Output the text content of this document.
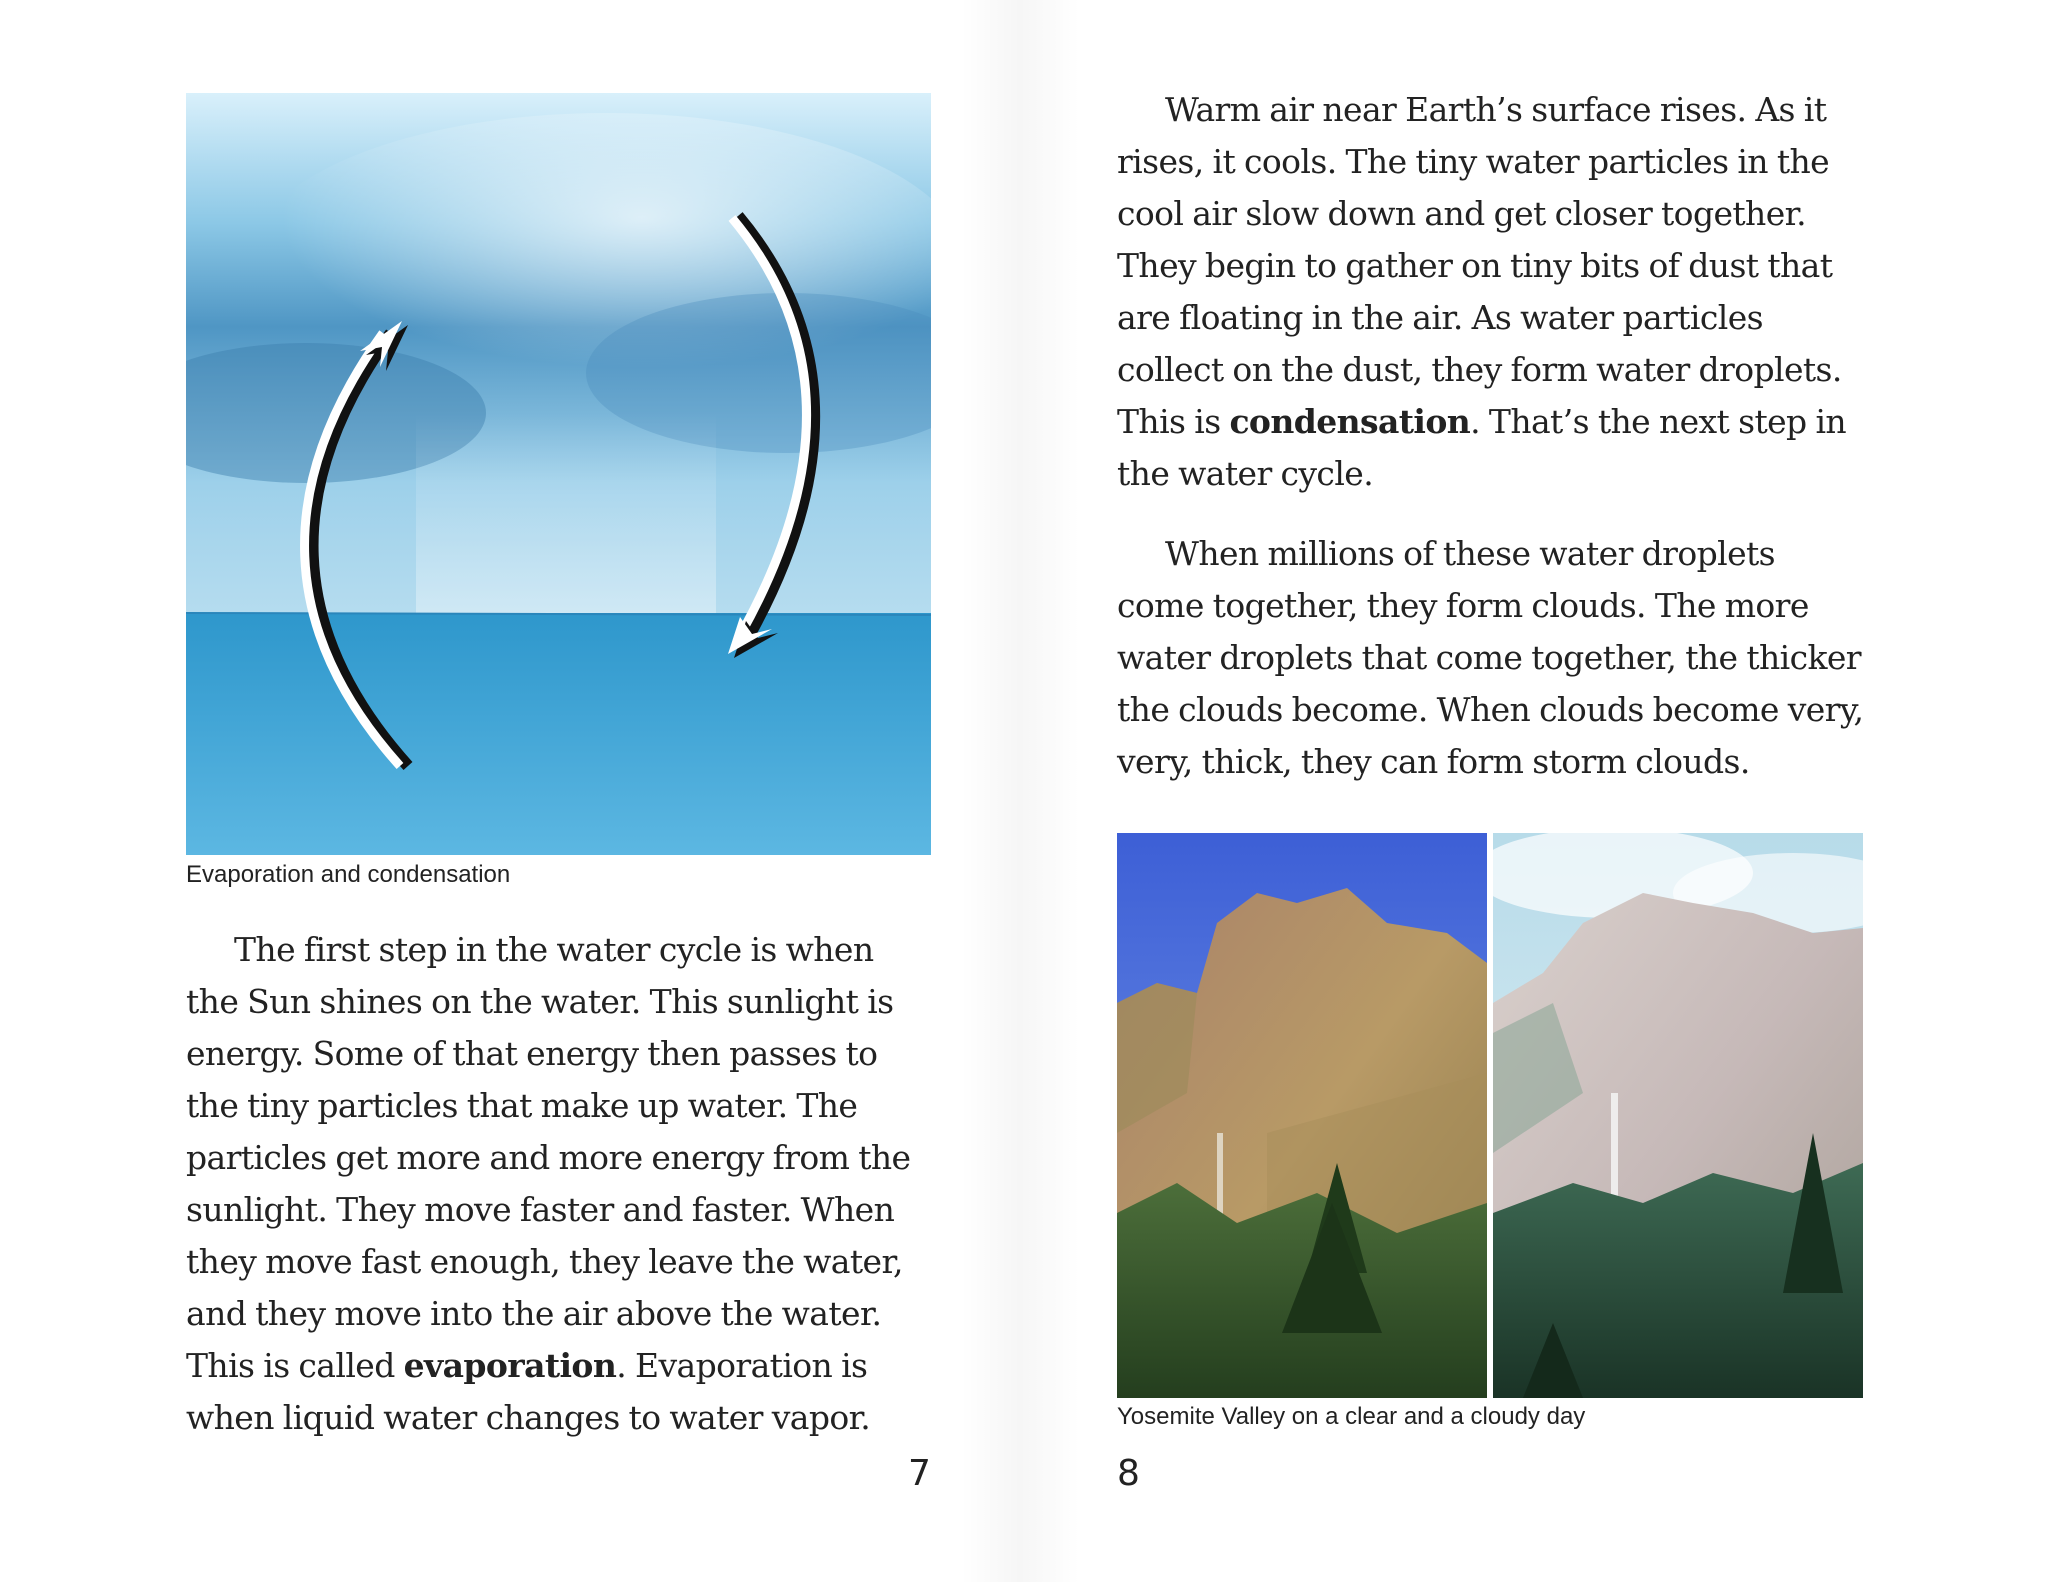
Evaporation and condensation
The first step in the water cycle is when
the Sun shines on the water. This sunlight is
energy. Some of that energy then passes to
the tiny particles that make up water. The
particles get more and more energy from the
sunlight. They move faster and faster. When
they move fast enough, they leave the water,
and they move into the air above the water.
This is called evaporation. Evaporation is
when liquid water changes to water vapor.
7
Warm air near Earth’s surface rises. As it
rises, it cools. The tiny water particles in the
cool air slow down and get closer together.
They begin to gather on tiny bits of dust that
are floating in the air. As water particles
collect on the dust, they form water droplets.
This is condensation. That’s the next step in
the water cycle.
When millions of these water droplets
come together, they form clouds. The more
water droplets that come together, the thicker
the clouds become. When clouds become very,
very, thick, they can form storm clouds.
Yosemite Valley on a clear and a cloudy day
8
